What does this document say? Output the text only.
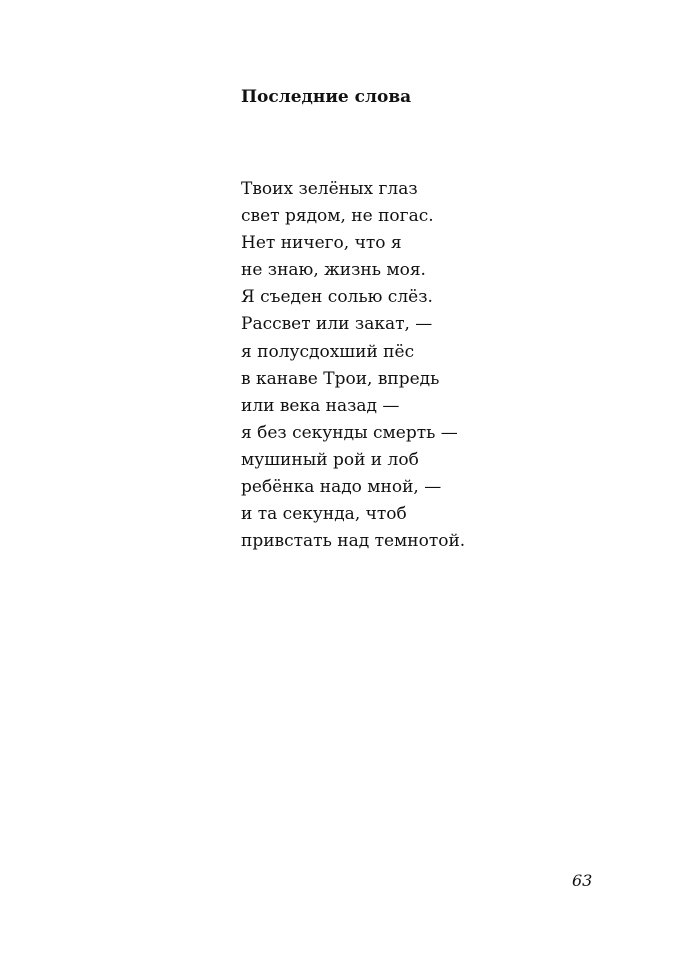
Последние слова
Твоих зелёных глаз
свет рядом, не погас.
Нет ничего, что я
не знаю, жизнь моя.
Я съеден солью слёз.
Рассвет или закат, —
я полусдохший пёс
в канаве Трои, впредь
или века назад —
я без секунды смерть —
мушиный рой и лоб
ребёнка надо мной, —
и та секунда, чтоб
привстать над темнотой.
63
